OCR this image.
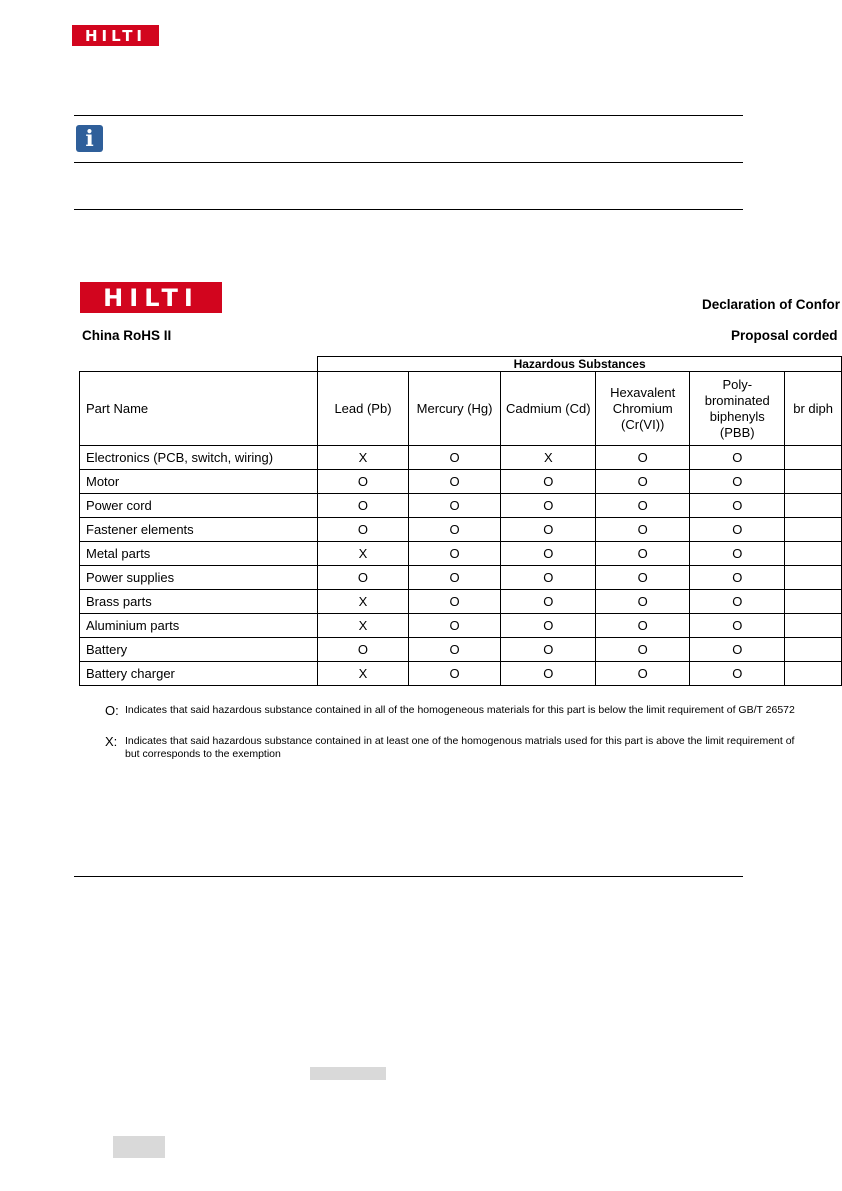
HILTI
i
HILTI	Declaration of Confor
China RoHS II	Proposal corded
	Hazardous Substances					
Part Name	Lead (Pb)	Mercury (Hg)	Cadmium (Cd)	Hexavalent Chromium (Cr(VI))	Poly-brominated biphenyls (PBB)	br diph
Electronics (PCB, switch, wiring)	X	O	X	O	O	
Motor	O	O	O	O	O	
Power cord	O	O	O	O	O	
Fastener elements	O	O	O	O	O	
Metal parts	X	O	O	O	O	
Power supplies	O	O	O	O	O	
Brass parts	X	O	O	O	O	
Aluminium parts	X	O	O	O	O	
Battery	O	O	O	O	O	
Battery charger	X	O	O	O	O	
O: Indicates that said hazardous substance contained in all of the homogeneous materials for this part is below the limit requirement of GB/T 26572
X: Indicates that said hazardous substance contained in at least one of the homogenous matrials used for this part is above the limit requirement of
but corresponds to the exemption
